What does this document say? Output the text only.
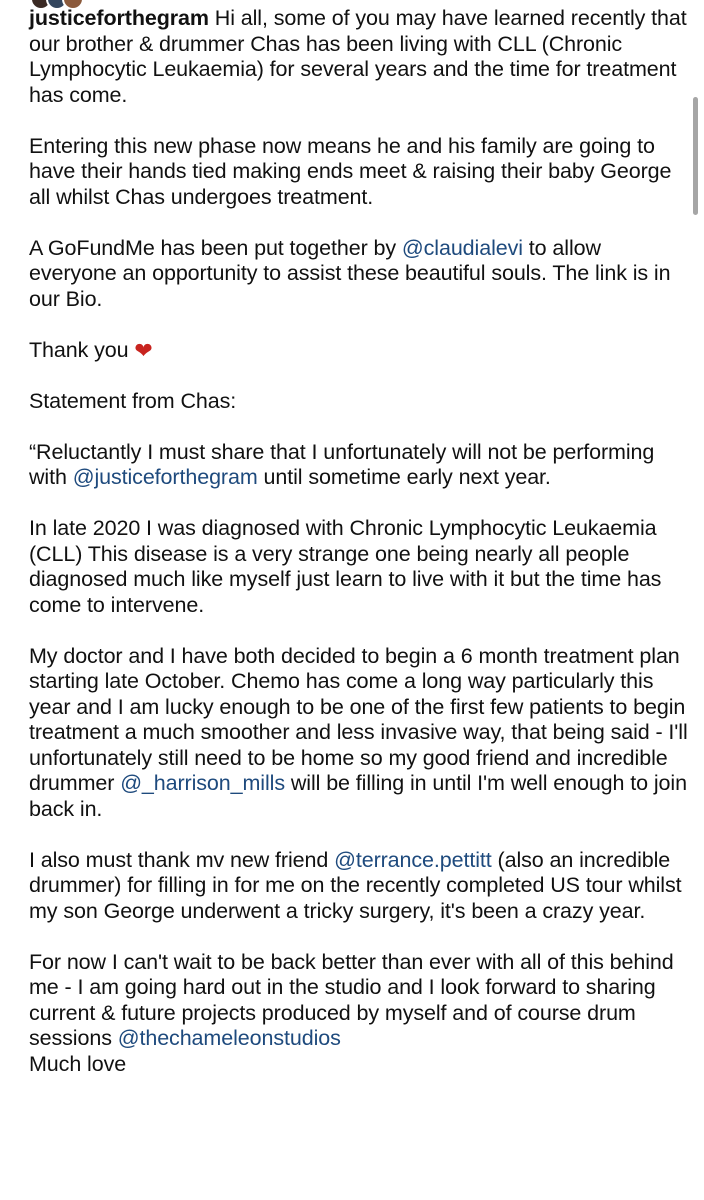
justiceforthegram Hi all, some of you may have learned recently that our brother & drummer Chas has been living with CLL (Chronic Lymphocytic Leukaemia) for several years and the time for treatment has come.
Entering this new phase now means he and his family are going to have their hands tied making ends meet & raising their baby George all whilst Chas undergoes treatment.
A GoFundMe has been put together by @claudialevi to allow everyone an opportunity to assist these beautiful souls. The link is in our Bio.
Thank you ❤
Statement from Chas:
“Reluctantly I must share that I unfortunately will not be performing with @justiceforthegram until sometime early next year.
In late 2020 I was diagnosed with Chronic Lymphocytic Leukaemia (CLL) This disease is a very strange one being nearly all people diagnosed much like myself just learn to live with it but the time has come to intervene.
My doctor and I have both decided to begin a 6 month treatment plan starting late October. Chemo has come a long way particularly this year and I am lucky enough to be one of the first few patients to begin treatment a much smoother and less invasive way, that being said - I'll unfortunately still need to be home so my good friend and incredible drummer @_harrison_mills will be filling in until I'm well enough to join back in.
I also must thank mv new friend @terrance.pettitt (also an incredible drummer) for filling in for me on the recently completed US tour whilst my son George underwent a tricky surgery, it's been a crazy year.
For now I can't wait to be back better than ever with all of this behind me - I am going hard out in the studio and I look forward to sharing current & future projects produced by myself and of course drum sessions @thechameleonstudios
Much love
